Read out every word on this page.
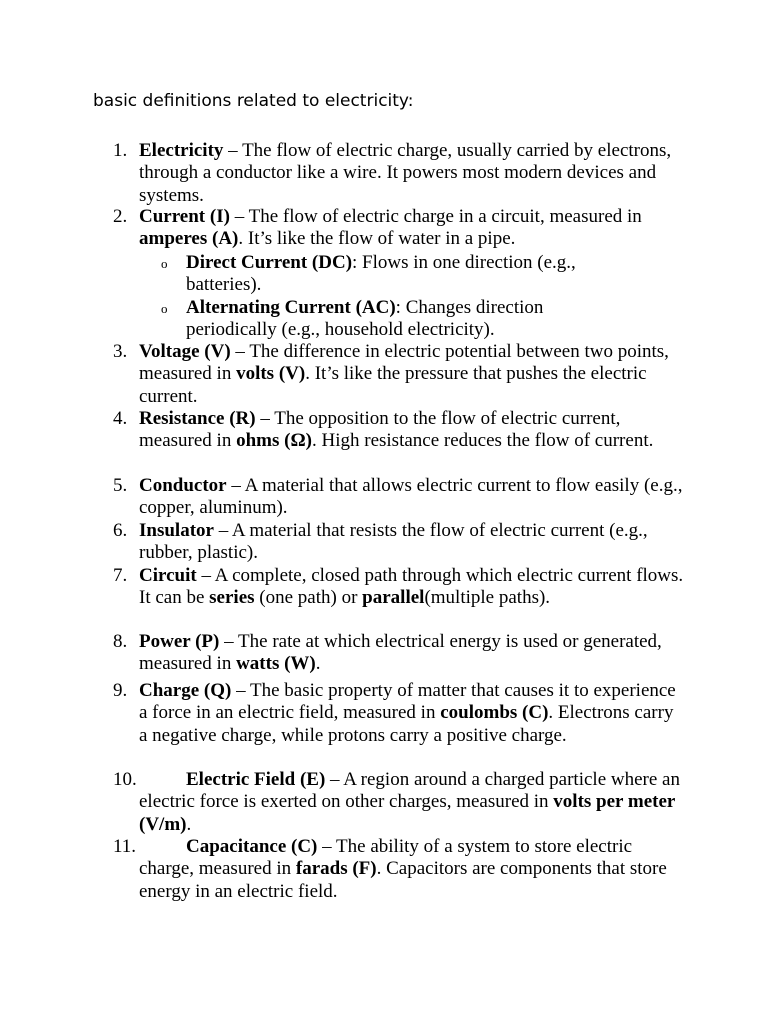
basic definitions related to electricity:
1. Electricity – The flow of electric charge, usually carried by electrons, through a conductor like a wire. It powers most modern devices and systems.
2. Current (I) – The flow of electric charge in a circuit, measured in amperes (A). It’s like the flow of water in a pipe.
3. Voltage (V) – The difference in electric potential between two points, measured in volts (V). It’s like the pressure that pushes the electric current.
4. Resistance (R) – The opposition to the flow of electric current, measured in ohms (Ω). High resistance reduces the flow of current.
5. Conductor – A material that allows electric current to flow easily (e.g., copper, aluminum).
6. Insulator – A material that resists the flow of electric current (e.g., rubber, plastic).
7. Circuit – A complete, closed path through which electric current flows. It can be series (one path) or parallel(multiple paths).
8. Power (P) – The rate at which electrical energy is used or generated, measured in watts (W).
9. Charge (Q) – The basic property of matter that causes it to experience a force in an electric field, measured in coulombs (C). Electrons carry a negative charge, while protons carry a positive charge.
10.	Electric Field (E) – A region around a charged particle where an electric force is exerted on other charges, measured in volts per meter (V/m).
11.	Capacitance (C) – The ability of a system to store electric charge, measured in farads (F). Capacitors are components that store energy in an electric field.
o Direct Current (DC): Flows in one direction (e.g., batteries).
o Alternating Current (AC): Changes direction periodically (e.g., household electricity).
